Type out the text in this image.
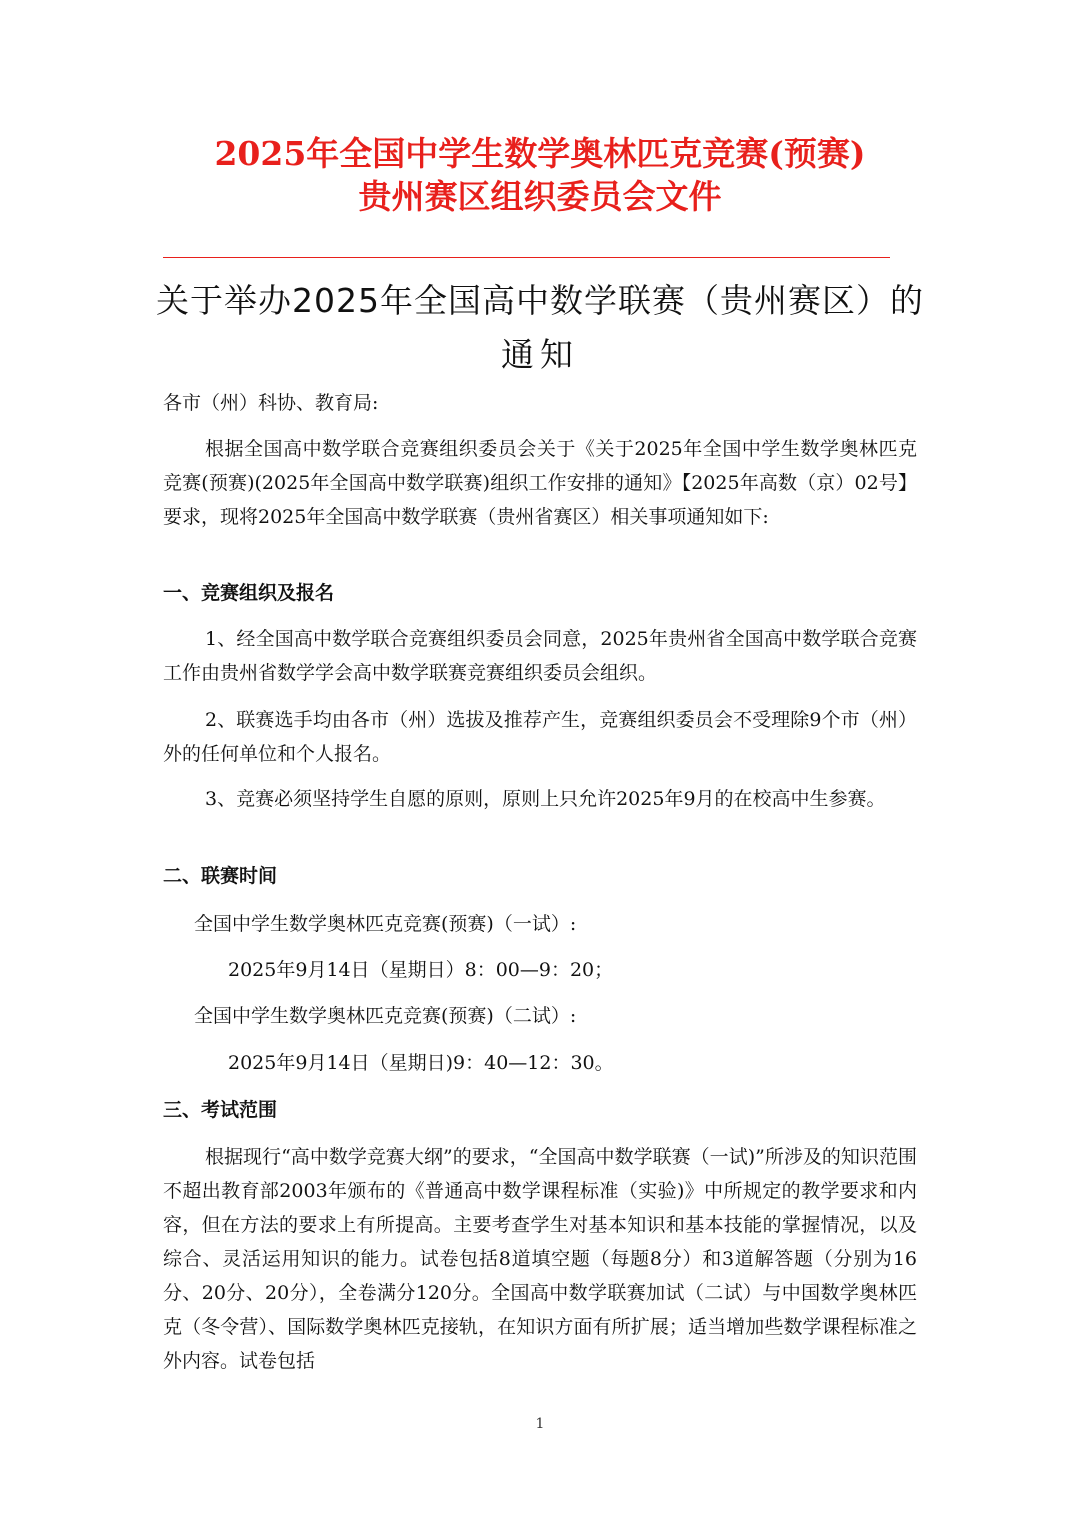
2025年全国中学生数学奥林匹克竞赛(预赛)
贵州赛区组织委员会文件
关于举办2025年全国高中数学联赛（贵州赛区）的
通知
各市（州）科协、教育局:
根据全国高中数学联合竞赛组织委员会关于《关于2025年全国中学生数学奥林匹克竞赛(预赛)(2025年全国高中数学联赛)组织工作安排的通知》【2025年高数（京）02号】要求，现将2025年全国高中数学联赛（贵州省赛区）相关事项通知如下:
一、竞赛组织及报名
1、经全国高中数学联合竞赛组织委员会同意，2025年贵州省全国高中数学联合竞赛工作由贵州省数学学会高中数学联赛竞赛组织委员会组织。
2、联赛选手均由各市（州）选拔及推荐产生，竞赛组织委员会不受理除9个市（州）外的任何单位和个人报名。
3、竞赛必须坚持学生自愿的原则，原则上只允许2025年9月的在校高中生参赛。
二、联赛时间
全国中学生数学奥林匹克竞赛(预赛)（一试）:
2025年9月14日（星期日）8：00—9：20；
全国中学生数学奥林匹克竞赛(预赛)（二试）:
2025年9月14日（星期日)9：40—12：30。
三、考试范围
根据现行“高中数学竞赛大纲”的要求，“全国高中数学联赛（一试)”所涉及的知识范围不超出教育部2003年颁布的《普通高中数学课程标准（实验)》中所规定的教学要求和内容，但在方法的要求上有所提高。主要考查学生对基本知识和基本技能的掌握情况，以及综合、灵活运用知识的能力。试卷包括8道填空题（每题8分）和3道解答题（分别为16分、20分、20分），全卷满分120分。全国高中数学联赛加试（二试）与中国数学奥林匹克（冬令营）、国际数学奥林匹克接轨，在知识方面有所扩展；适当增加些数学课程标准之外内容。试卷包括
1
